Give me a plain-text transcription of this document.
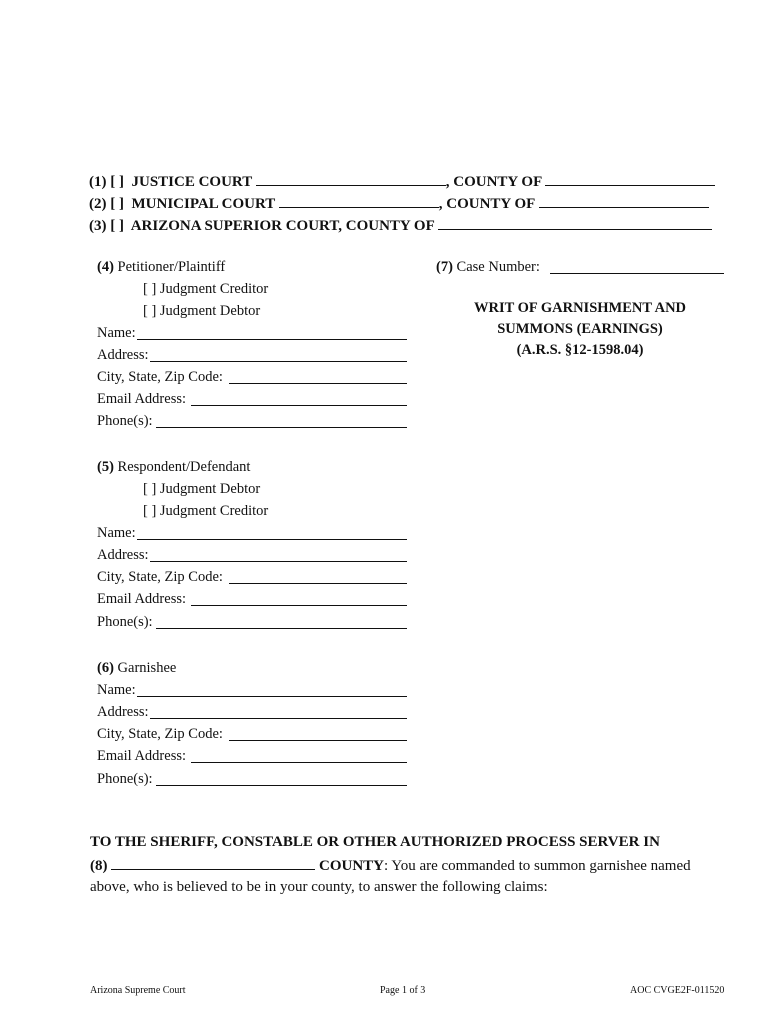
(1) [ ] JUSTICE COURT	, COUNTY OF
(2) [ ] MUNICIPAL COURT	, COUNTY OF
(3) [ ] ARIZONA SUPERIOR COURT, COUNTY OF
(4) Petitioner/Plaintiff
[ ] Judgment Creditor
[ ] Judgment Debtor
Name:
Address:
City, State, Zip Code:
Email Address:
Phone(s):
(5) Respondent/Defendant
[ ] Judgment Debtor
[ ] Judgment Creditor
Name:
Address:
City, State, Zip Code:
Email Address:
Phone(s):
(6) Garnishee
Name:
Address:
City, State, Zip Code:
Email Address:
Phone(s):
(7) Case Number:
WRIT OF GARNISHMENT AND
SUMMONS (EARNINGS)
(A.R.S. §12-1598.04)
TO THE SHERIFF, CONSTABLE OR OTHER AUTHORIZED PROCESS SERVER IN
(8)	COUNTY: You are commanded to summon garnishee named
above, who is believed to be in your county, to answer the following claims:
Arizona Supreme Court	Page 1 of 3	AOC CVGE2F-011520
